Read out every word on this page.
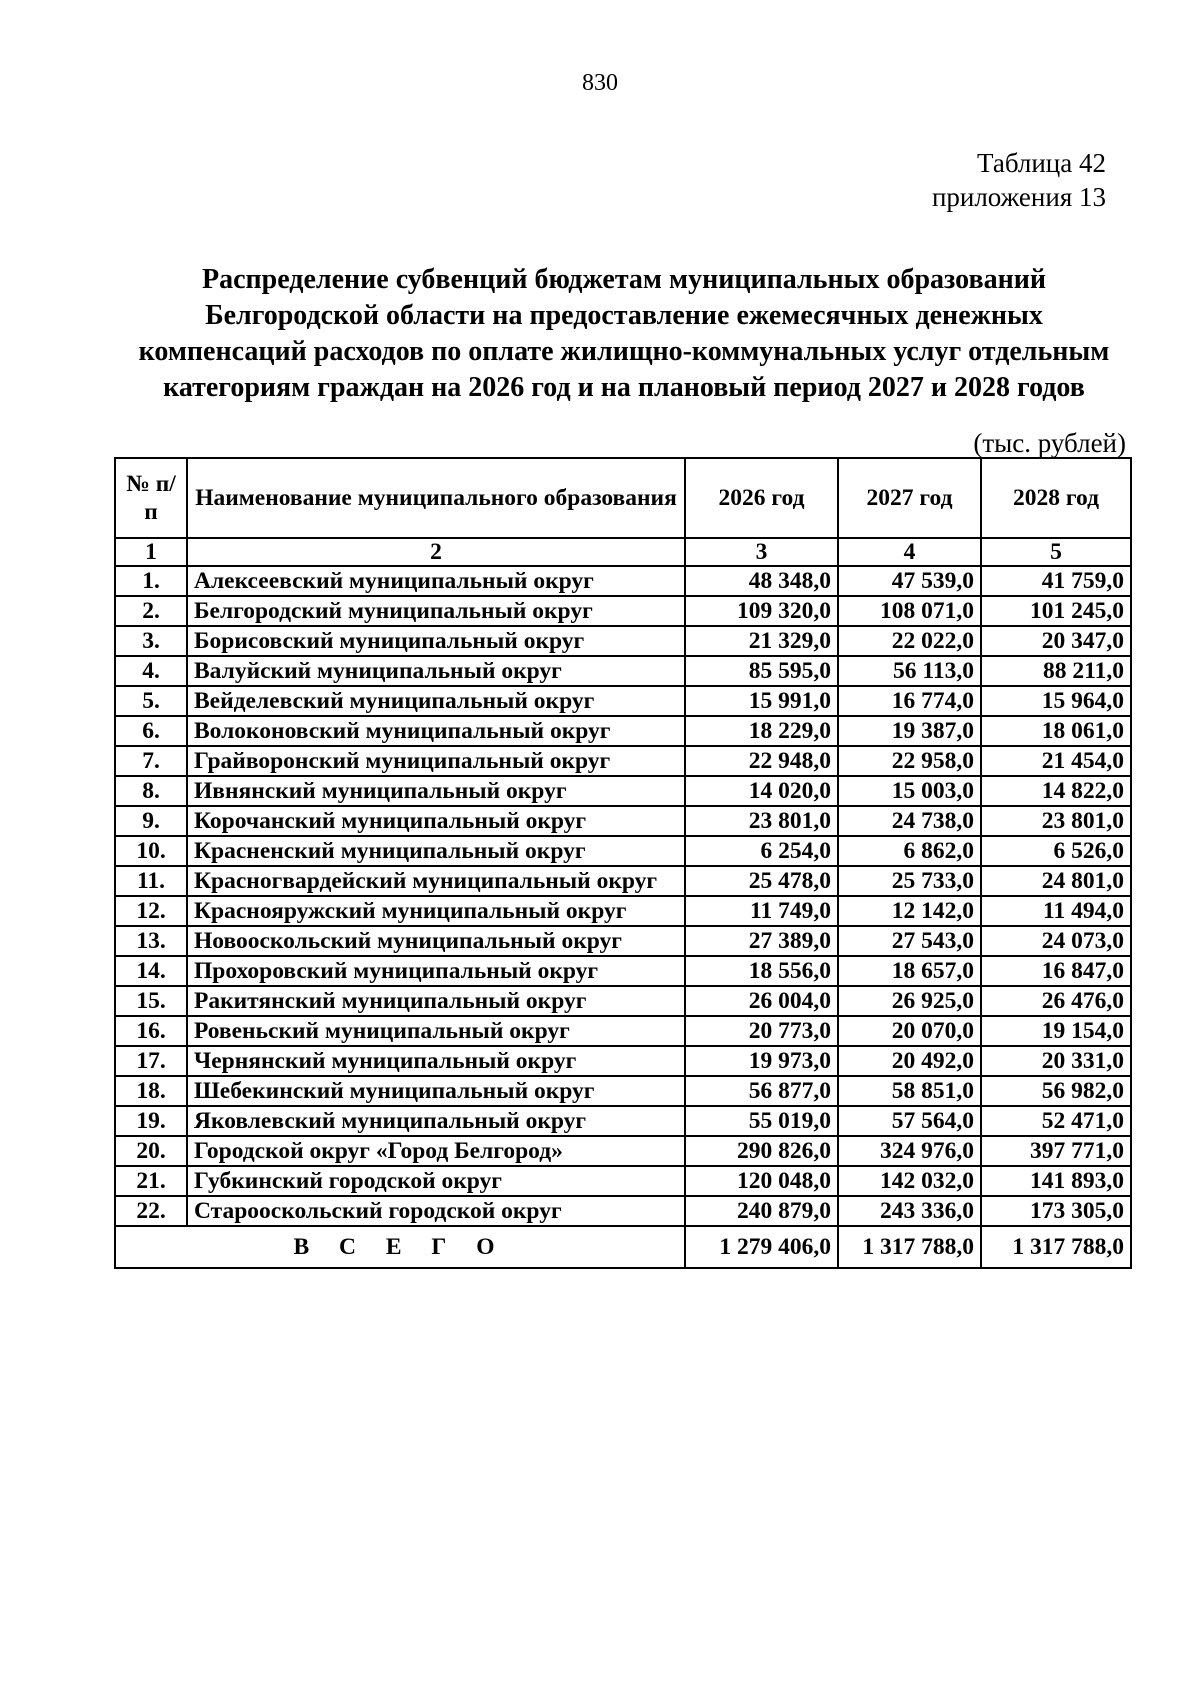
830
Таблица 42
приложения 13
Распределение субвенций бюджетам муниципальных образований
Белгородской области на предоставление ежемесячных денежных
компенсаций расходов по оплате жилищно-коммунальных услуг отдельным
категориям граждан на 2026 год и на плановый период 2027 и 2028 годов
(тыс. рублей)
№ п/п	Наименование муниципального образования	2026 год	2027 год	2028 год
1	2	3	4	5
1.	Алексеевский муниципальный округ	48 348,0	47 539,0	41 759,0
2.	Белгородский муниципальный округ	109 320,0	108 071,0	101 245,0
3.	Борисовский муниципальный округ	21 329,0	22 022,0	20 347,0
4.	Валуйский муниципальный округ	85 595,0	56 113,0	88 211,0
5.	Вейделевский муниципальный округ	15 991,0	16 774,0	15 964,0
6.	Волоконовский муниципальный округ	18 229,0	19 387,0	18 061,0
7.	Грайворонский муниципальный округ	22 948,0	22 958,0	21 454,0
8.	Ивнянский муниципальный округ	14 020,0	15 003,0	14 822,0
9.	Корочанский муниципальный округ	23 801,0	24 738,0	23 801,0
10.	Красненский муниципальный округ	6 254,0	6 862,0	6 526,0
11.	Красногвардейский муниципальный округ	25 478,0	25 733,0	24 801,0
12.	Краснояружский муниципальный округ	11 749,0	12 142,0	11 494,0
13.	Новооскольский муниципальный округ	27 389,0	27 543,0	24 073,0
14.	Прохоровский муниципальный округ	18 556,0	18 657,0	16 847,0
15.	Ракитянский муниципальный округ	26 004,0	26 925,0	26 476,0
16.	Ровеньский муниципальный округ	20 773,0	20 070,0	19 154,0
17.	Чернянский муниципальный округ	19 973,0	20 492,0	20 331,0
18.	Шебекинский муниципальный округ	56 877,0	58 851,0	56 982,0
19.	Яковлевский муниципальный округ	55 019,0	57 564,0	52 471,0
20.	Городской округ «Город Белгород»	290 826,0	324 976,0	397 771,0
21.	Губкинский городской округ	120 048,0	142 032,0	141 893,0
22.	Старооскольский городской округ	240 879,0	243 336,0	173 305,0
В С Е Г О		1 279 406,0	1 317 788,0	1 317 788,0
